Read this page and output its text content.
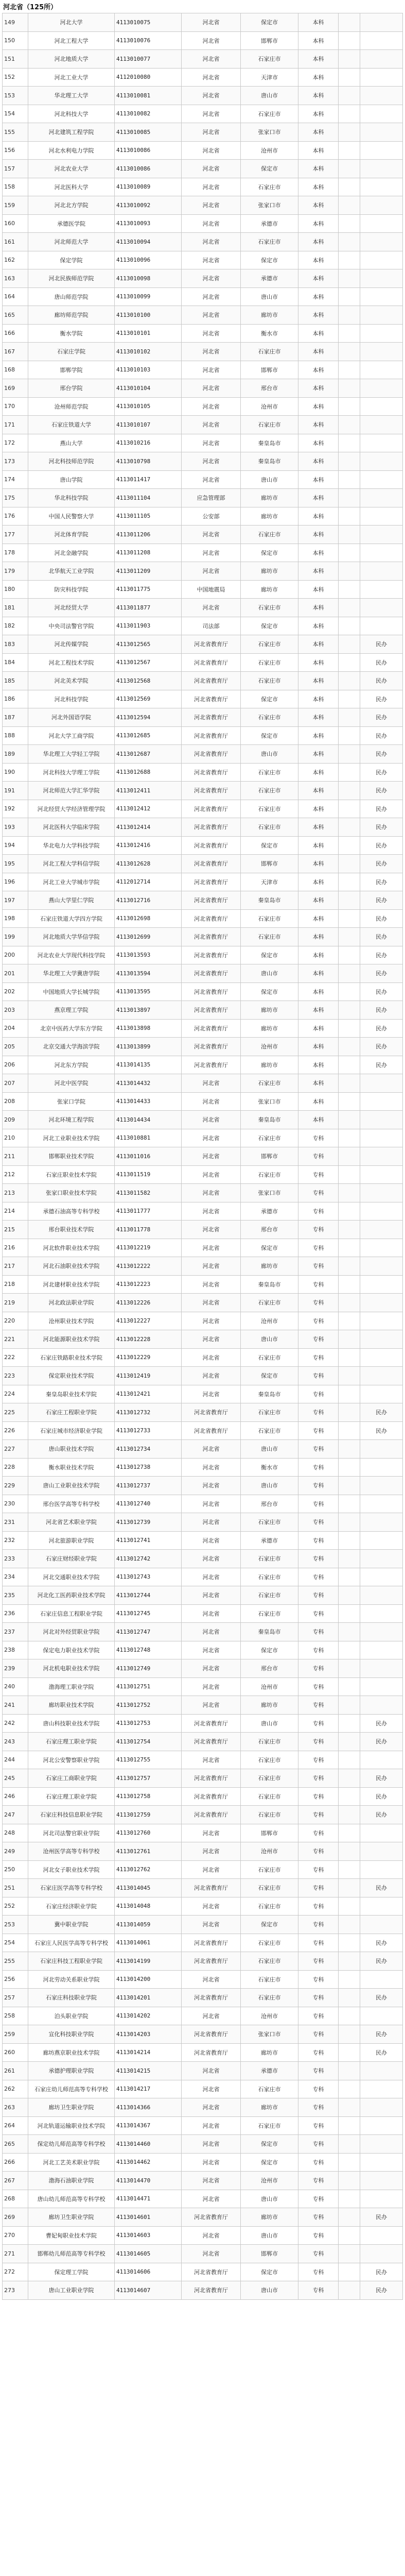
河北省（125所）
149	河北大学	4113010075	河北省	保定市	本科		
150	河北工程大学	4113010076	河北省	邯郸市	本科		
151	河北地质大学	4113010077	河北省	石家庄市	本科		
152	河北工业大学	4112010080	河北省	天津市	本科		
153	华北理工大学	4113010081	河北省	唐山市	本科		
154	河北科技大学	4113010082	河北省	石家庄市	本科		
155	河北建筑工程学院	4113010085	河北省	张家口市	本科		
156	河北水利电力学院	4113010086	河北省	沧州市	本科		
157	河北农业大学	4113010086	河北省	保定市	本科		
158	河北医科大学	4113010089	河北省	石家庄市	本科		
159	河北北方学院	4113010092	河北省	张家口市	本科		
160	承德医学院	4113010093	河北省	承德市	本科		
161	河北师范大学	4113010094	河北省	石家庄市	本科		
162	保定学院	4113010096	河北省	保定市	本科		
163	河北民族师范学院	4113010098	河北省	承德市	本科		
164	唐山师范学院	4113010099	河北省	唐山市	本科		
165	廊坊师范学院	4113010100	河北省	廊坊市	本科		
166	衡水学院	4113010101	河北省	衡水市	本科		
167	石家庄学院	4113010102	河北省	石家庄市	本科		
168	邯郸学院	4113010103	河北省	邯郸市	本科		
169	邢台学院	4113010104	河北省	邢台市	本科		
170	沧州师范学院	4113010105	河北省	沧州市	本科		
171	石家庄铁道大学	4113010107	河北省	石家庄市	本科		
172	燕山大学	4113010216	河北省	秦皇岛市	本科		
173	河北科技师范学院	4113010798	河北省	秦皇岛市	本科		
174	唐山学院	4113011417	河北省	唐山市	本科		
175	华北科技学院	4113011104	应急管理部	廊坊市	本科		
176	中国人民警察大学	4113011105	公安部	廊坊市	本科		
177	河北体育学院	4113011206	河北省	石家庄市	本科		
178	河北金融学院	4113011208	河北省	保定市	本科		
179	北华航天工业学院	4113011209	河北省	廊坊市	本科		
180	防灾科技学院	4113011775	中国地震局	廊坊市	本科		
181	河北经贸大学	4113011877	河北省	石家庄市	本科		
182	中央司法警官学院	4113011903	司法部	保定市	本科		
183	河北传媒学院	4113012565	河北省教育厅	石家庄市	本科		民办
184	河北工程技术学院	4113012567	河北省教育厅	石家庄市	本科		民办
185	河北美术学院	4113012568	河北省教育厅	石家庄市	本科		民办
186	河北科技学院	4113012569	河北省教育厅	保定市	本科		民办
187	河北外国语学院	4113012594	河北省教育厅	石家庄市	本科		民办
188	河北大学工商学院	4113012685	河北省教育厅	保定市	本科		民办
189	华北理工大学轻工学院	4113012687	河北省教育厅	唐山市	本科		民办
190	河北科技大学理工学院	4113012688	河北省教育厅	石家庄市	本科		民办
191	河北师范大学汇华学院	4113012411	河北省教育厅	石家庄市	本科		民办
192	河北经贸大学经济管理学院	4113012412	河北省教育厅	石家庄市	本科		民办
193	河北医科大学临床学院	4113012414	河北省教育厅	石家庄市	本科		民办
194	华北电力大学科技学院	4113012416	河北省教育厅	保定市	本科		民办
195	河北工程大学科信学院	4113012628	河北省教育厅	邯郸市	本科		民办
196	河北工业大学城市学院	4112012714	河北省教育厅	天津市	本科		民办
197	燕山大学里仁学院	4113012716	河北省教育厅	秦皇岛市	本科		民办
198	石家庄铁道大学四方学院	4113012698	河北省教育厅	石家庄市	本科		民办
199	河北地质大学华信学院	4113012699	河北省教育厅	石家庄市	本科		民办
200	河北农业大学现代科技学院	4113013593	河北省教育厅	保定市	本科		民办
201	华北理工大学冀唐学院	4113013594	河北省教育厅	唐山市	本科		民办
202	中国地质大学长城学院	4113013595	河北省教育厅	保定市	本科		民办
203	燕京理工学院	4113013897	河北省教育厅	廊坊市	本科		民办
204	北京中医药大学东方学院	4113013898	河北省教育厅	廊坊市	本科		民办
205	北京交通大学海滨学院	4113013899	河北省教育厅	沧州市	本科		民办
206	河北东方学院	4113014135	河北省教育厅	廊坊市	本科		民办
207	河北中医学院	4113014432	河北省	石家庄市	本科		
208	张家口学院	4113014433	河北省	张家口市	本科		
209	河北环境工程学院	4113014434	河北省	秦皇岛市	本科		
210	河北工业职业技术学院	4113010881	河北省	石家庄市	专科		
211	邯郸职业技术学院	4113011016	河北省	邯郸市	专科		
212	石家庄职业技术学院	4113011519	河北省	石家庄市	专科		
213	张家口职业技术学院	4113011582	河北省	张家口市	专科		
214	承德石油高等专科学校	4113011777	河北省	承德市	专科		
215	邢台职业技术学院	4113011778	河北省	邢台市	专科		
216	河北软件职业技术学院	4113012219	河北省	保定市	专科		
217	河北石油职业技术学院	4113012222	河北省	廊坊市	专科		
218	河北建材职业技术学院	4113012223	河北省	秦皇岛市	专科		
219	河北政法职业学院	4113012226	河北省	石家庄市	专科		
220	沧州职业技术学院	4113012227	河北省	沧州市	专科		
221	河北能源职业技术学院	4113012228	河北省	唐山市	专科		
222	石家庄铁路职业技术学院	4113012229	河北省	石家庄市	专科		
223	保定职业技术学院	4113012419	河北省	保定市	专科		
224	秦皇岛职业技术学院	4113012421	河北省	秦皇岛市	专科		
225	石家庄工程职业学院	4113012732	河北省教育厅	石家庄市	专科		民办
226	石家庄城市经济职业学院	4113012733	河北省教育厅	石家庄市	专科		民办
227	唐山职业技术学院	4113012734	河北省	唐山市	专科		
228	衡水职业技术学院	4113012738	河北省	衡水市	专科		
229	唐山工业职业技术学院	4113012737	河北省	唐山市	专科		
230	邢台医学高等专科学校	4113012740	河北省	邢台市	专科		
231	河北省艺术职业学院	4113012739	河北省	石家庄市	专科		
232	河北旅游职业学院	4113012741	河北省	承德市	专科		
233	石家庄财经职业学院	4113012742	河北省	石家庄市	专科		
234	河北交通职业技术学院	4113012743	河北省	石家庄市	专科		
235	河北化工医药职业技术学院	4113012744	河北省	石家庄市	专科		
236	石家庄信息工程职业学院	4113012745	河北省	石家庄市	专科		
237	河北对外经贸职业学院	4113012747	河北省	秦皇岛市	专科		
238	保定电力职业技术学院	4113012748	河北省	保定市	专科		
239	河北机电职业技术学院	4113012749	河北省	邢台市	专科		
240	渤海理工职业学院	4113012751	河北省	沧州市	专科		
241	廊坊职业技术学院	4113012752	河北省	廊坊市	专科		
242	唐山科技职业技术学院	4113012753	河北省教育厅	唐山市	专科		民办
243	石家庄理工职业学院	4113012754	河北省教育厅	石家庄市	专科		民办
244	河北公安警察职业学院	4113012755	河北省	石家庄市	专科		
245	石家庄工商职业学院	4113012757	河北省教育厅	石家庄市	专科		民办
246	石家庄理工职业学院	4113012758	河北省教育厅	石家庄市	专科		民办
247	石家庄科技信息职业学院	4113012759	河北省教育厅	石家庄市	专科		民办
248	河北司法警官职业学院	4113012760	河北省	邯郸市	专科		
249	沧州医学高等专科学校	4113012761	河北省	沧州市	专科		
250	河北女子职业技术学院	4113012762	河北省	石家庄市	专科		
251	石家庄医学高等专科学校	4113014045	河北省教育厅	石家庄市	专科		民办
252	石家庄经济职业学院	4113014048	河北省	石家庄市	专科		
253	冀中职业学院	4113014059	河北省	保定市	专科		
254	石家庄人民医学高等专科学校	4113014061	河北省教育厅	石家庄市	专科		民办
255	石家庄科技工程职业学院	4113014199	河北省教育厅	石家庄市	专科		民办
256	河北劳动关系职业学院	4113014200	河北省	石家庄市	专科		
257	石家庄科技职业学院	4113014201	河北省教育厅	石家庄市	专科		民办
258	泊头职业学院	4113014202	河北省	沧州市	专科		
259	宣化科技职业学院	4113014203	河北省教育厅	张家口市	专科		民办
260	廊坊燕京职业技术学院	4113014214	河北省教育厅	廊坊市	专科		民办
261	承德护理职业学院	4113014215	河北省	承德市	专科		
262	石家庄幼儿师范高等专科学校	4113014217	河北省	石家庄市	专科		
263	廊坊卫生职业学院	4113014366	河北省	廊坊市	专科		
264	河北轨道运输职业技术学院	4113014367	河北省	石家庄市	专科		
265	保定幼儿师范高等专科学校	4113014460	河北省	保定市	专科		
266	河北工艺美术职业学院	4113014462	河北省	保定市	专科		
267	渤海石油职业学院	4113014470	河北省	沧州市	专科		
268	唐山幼儿师范高等专科学校	4113014471	河北省	唐山市	专科		
269	廊坊卫生职业学院	4113014601	河北省教育厅	廊坊市	专科		民办
270	曹妃甸职业技术学院	4113014603	河北省	唐山市	专科		
271	邯郸幼儿师范高等专科学校	4113014605	河北省	邯郸市	专科		
272	保定理工学院	4113014606	河北省教育厅	保定市	专科		民办
273	唐山工业职业学院	4113014607	河北省教育厅	唐山市	专科		民办
